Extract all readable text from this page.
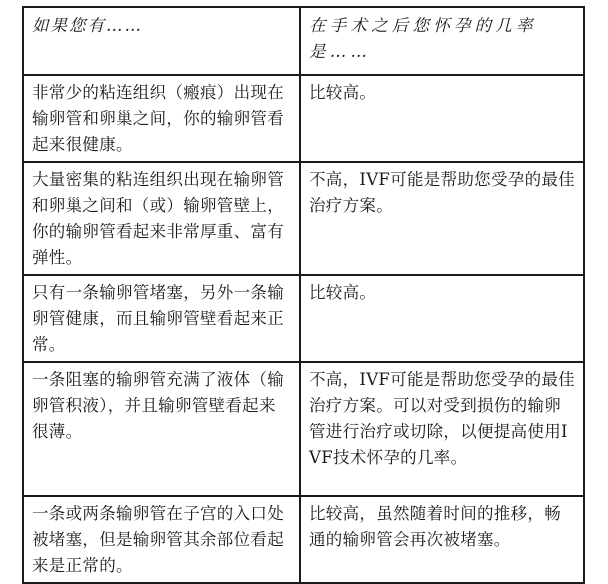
如果您有……	在手术之后您怀孕的几率是……
非常少的粘连组织（瘢痕）出现在输卵管和卵巢之间，你的输卵管看起来很健康。	比较高。
大量密集的粘连组织出现在输卵管和卵巢之间和（或）输卵管壁上，你的输卵管看起来非常厚重、富有弹性。	不高，IVF可能是帮助您受孕的最佳治疗方案。
只有一条输卵管堵塞，另外一条输卵管健康，而且输卵管壁看起来正常。	比较高。
一条阻塞的输卵管充满了液体（输卵管积液），并且输卵管壁看起来很薄。	不高，IVF可能是帮助您受孕的最佳治疗方案。可以对受到损伤的输卵管进行治疗或切除，以便提高使用IVF技术怀孕的几率。
一条或两条输卵管在子宫的入口处被堵塞，但是输卵管其余部位看起来是正常的。	比较高，虽然随着时间的推移，畅通的输卵管会再次被堵塞。
